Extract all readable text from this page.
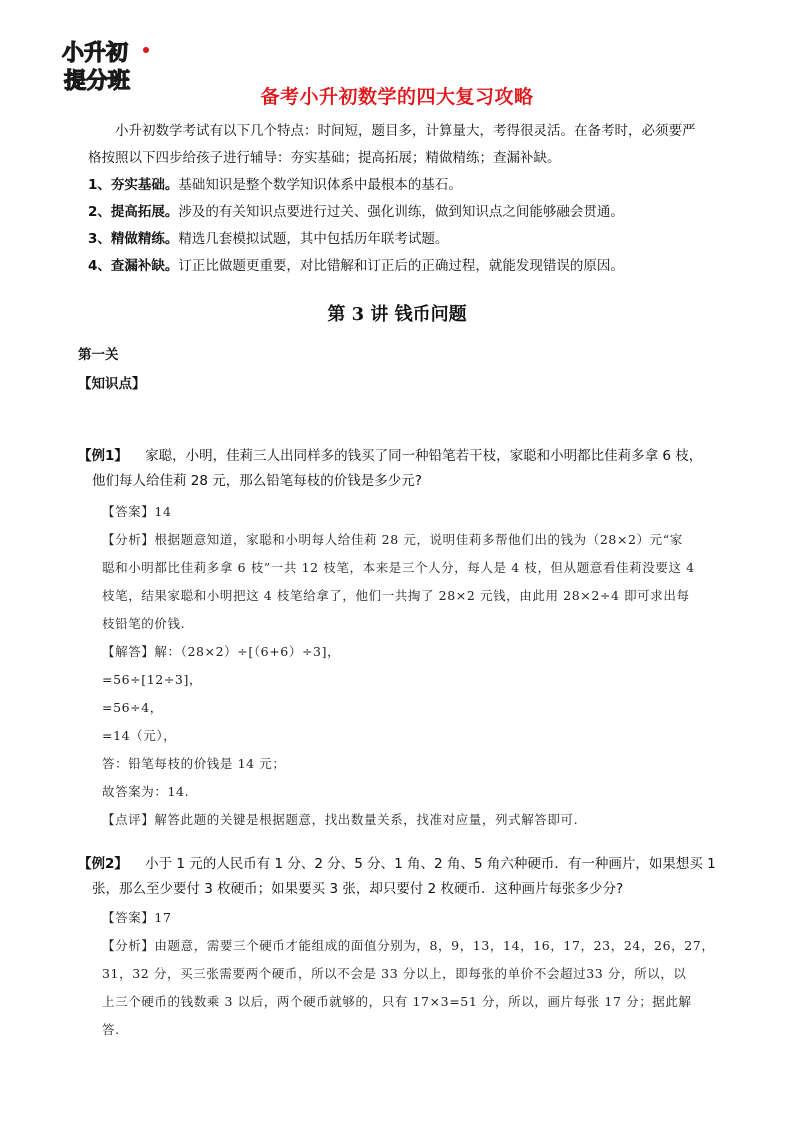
小升初
提分班
备考小升初数学的四大复习攻略

小升初数学考试有以下几个特点：时间短，题目多，计算量大，考得很灵活。在备考时，必须要严格按照以下四步给孩子进行辅导：夯实基础；提高拓展；精做精练；查漏补缺。

1、夯实基础。基础知识是整个数学知识体系中最根本的基石。

2、提高拓展。涉及的有关知识点要进行过关、强化训练，做到知识点之间能够融会贯通。

3、精做精练。精选几套模拟试题，其中包括历年联考试题。

4、查漏补缺。订正比做题更重要，对比错解和订正后的正确过程，就能发现错误的原因。

第 3 讲 钱币问题
第一关
【知识点】
【例1】 家聪，小明，佳莉三人出同样多的钱买了同一种铅笔若干枝，家聪和小明都比佳莉多拿 6 枝，
他们每人给佳莉 28 元，那么铅笔每枝的价钱是多少元?

【答案】14

【分析】根据题意知道，家聪和小明每人给佳莉 28 元，说明佳莉多帮他们出的钱为（28×2）元“家

聪和小明都比佳莉多拿 6 枝”一共 12 枝笔，本来是三个人分，每人是 4 枝，但从题意看佳莉没要这 4

枝笔，结果家聪和小明把这 4 枝笔给拿了，他们一共掏了 28×2 元钱，由此用 28×2÷4 即可求出每

枝铅笔的价钱.

【解答】解：（28×2）÷[（6+6）÷3]，

=56÷[12÷3]，

=56÷4，

=14（元），

答：铅笔每枝的价钱是 14 元；

故答案为：14.

【点评】解答此题的关键是根据题意，找出数量关系，找准对应量，列式解答即可.

【例2】 小于 1 元的人民币有 1 分、2 分、5 分、1 角、2 角、5 角六种硬币．有一种画片，如果想买 1
张，那么至少要付 3 枚硬币；如果要买 3 张，却只要付 2 枚硬币．这种画片每张多少分?

【答案】17

【分析】由题意，需要三个硬币才能组成的面值分别为，8，9，13，14，16，17，23，24，26，27，

31，32 分，买三张需要两个硬币，所以不会是 33 分以上，即每张的单价不会超过33 分，所以，以

上三个硬币的钱数乘 3 以后，两个硬币就够的，只有 17×3=51 分，所以，画片每张 17 分；据此解

答.
